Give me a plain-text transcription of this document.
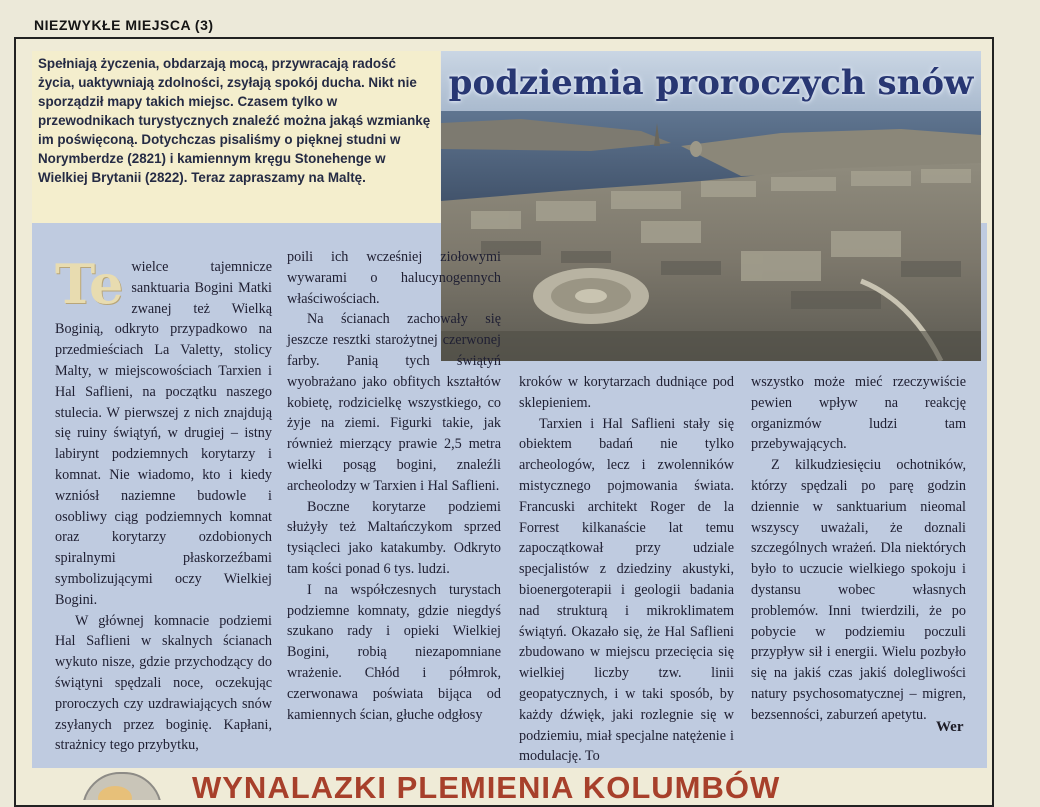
NIEZWYKŁE MIEJSCA (3)
Spełniają życzenia, obdarzają mocą, przywracają radość życia, uaktywniają zdolności, zsyłają spokój ducha. Nikt nie sporządził mapy takich miejsc. Czasem tylko w przewodnikach turystycznych znaleźć można jakąś wzmiankę im poświęconą. Dotychczas pisaliśmy o pięknej studni w Norymberdze (2821) i kamiennym kręgu Stonehenge w Wielkiej Brytanii (2822). Teraz zapraszamy na Maltę.
podziemia proroczych snów
Te wielce tajemnicze sanktuaria Bogini Matki zwanej też Wielką Boginią, odkryto przypadkowo na przedmieściach La Valetty, stolicy Malty, w miejscowościach Tarxien i Hal Saflieni, na początku naszego stulecia. W pierwszej z nich znajdują się ruiny świątyń, w drugiej – istny labirynt podziemnych korytarzy i komnat. Nie wiadomo, kto i kiedy wzniósł naziemne budowle i osobliwy ciąg podziemnych komnat oraz korytarzy ozdobionych spiralnymi płaskorzeźbami symbolizującymi oczy Wielkiej Bogini.

W głównej komnacie podziemi Hal Saflieni w skalnych ścianach wykuto nisze, gdzie przychodzący do świątyni spędzali noce, oczekując proroczych czy uzdrawiających snów zsyłanych przez boginię. Kapłani, strażnicy tego przybytku,

poili ich wcześniej ziołowymi wywarami o halucynogennych właściwościach.

Na ścianach zachowały się jeszcze resztki starożytnej czerwonej farby. Panią tych świątyń wyobrażano jako obfitych kształtów kobietę, rodzicielkę wszystkiego, co żyje na ziemi. Figurki takie, jak również mierzący prawie 2,5 metra wielki posąg bogini, znaleźli archeolodzy w Tarxien i Hal Saflieni.

Boczne korytarze podziemi służyły też Maltańczykom sprzed tysiącleci jako katakumby. Odkryto tam kości ponad 6 tys. ludzi.

I na współczesnych turystach podziemne komnaty, gdzie niegdyś szukano rady i opieki Wielkiej Bogini, robią niezapomniane wrażenie. Chłód i półmrok, czerwonawa poświata bijąca od kamiennych ścian, głuche odgłosy

kroków w korytarzach dudniące pod sklepieniem.

Tarxien i Hal Saflieni stały się obiektem badań nie tylko archeologów, lecz i zwolenników mistycznego pojmowania świata. Francuski architekt Roger de la Forrest kilkanaście lat temu zapoczątkował przy udziale specjalistów z dziedziny akustyki, bioenergoterapii i geologii badania nad strukturą i mikroklimatem świątyń. Okazało się, że Hal Saflieni zbudowano w miejscu przecięcia się wielkiej liczby tzw. linii geopatycznych, i w taki sposób, by każdy dźwięk, jaki rozlegnie się w podziemiu, miał specjalne natężenie i modulację. To

wszystko może mieć rzeczywiście pewien wpływ na reakcję organizmów ludzi tam przebywających.

Z kilkudziesięciu ochotników, którzy spędzali po parę godzin dziennie w sanktuarium nieomal wszyscy uważali, że doznali szczególnych wrażeń. Dla niektórych było to uczucie wielkiego spokoju i dystansu wobec własnych problemów. Inni twierdzili, że po pobycie w podziemiu poczuli przypływ sił i energii. Wielu pozbyło się na jakiś czas jakiś dolegliwości natury psychosomatycznej – migren, bezsenności, zaburzeń apetytu.

Wer
WYNALAZKI PLEMIENIA KOLUMBÓW
